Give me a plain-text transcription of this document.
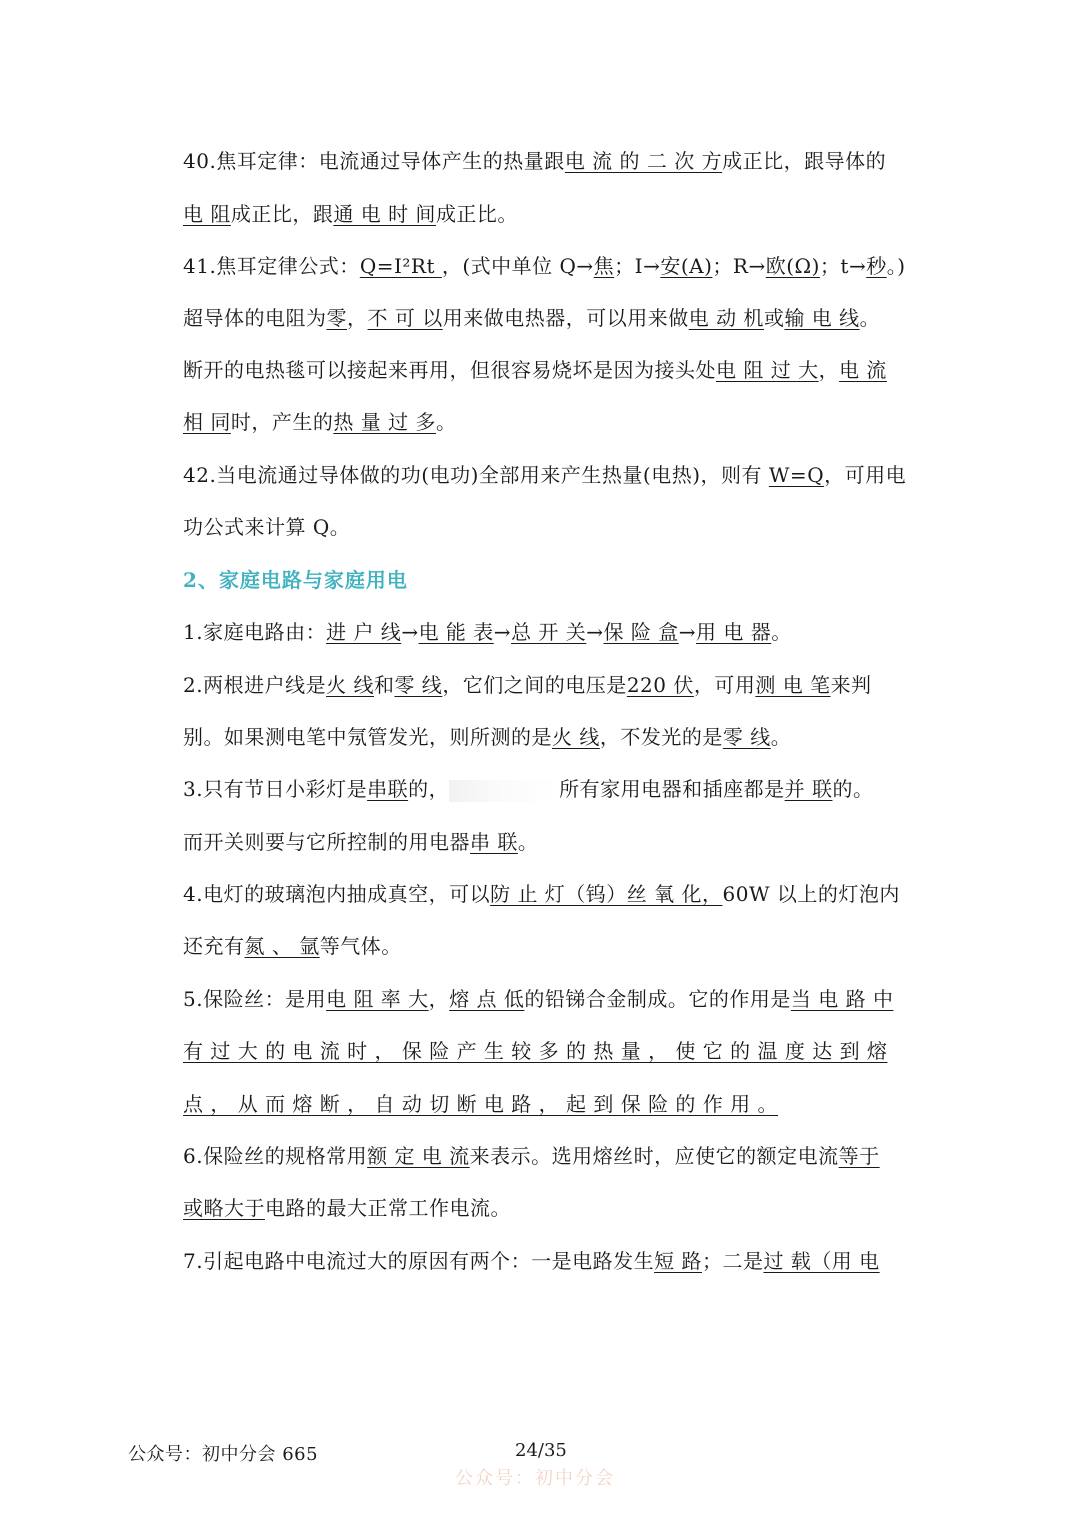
40.焦耳定律：电流通过导体产生的热量跟电 流 的 二 次 方成正比，跟导体的
电 阻成正比，跟通 电 时 间成正比。
41.焦耳定律公式：Q=I²Rt ，(式中单位 Q→焦；I→安(A)；R→欧(Ω)；t→秒。)
超导体的电阻为零，不 可 以用来做电热器，可以用来做电 动 机或输 电 线。
断开的电热毯可以接起来再用，但很容易烧坏是因为接头处电 阻 过 大，电 流
相 同时，产生的热 量 过 多。
42.当电流通过导体做的功(电功)全部用来产生热量(电热)，则有 W=Q，可用电
功公式来计算 Q。
2、家庭电路与家庭用电
1.家庭电路由：进 户 线→电 能 表→总 开 关→保 险 盒→用 电 器。
2.两根进户线是火 线和零 线，它们之间的电压是220 伏，可用测 电 笔来判
别。如果测电笔中氖管发光，则所测的是火 线，不发光的是零 线。
3.只有节日小彩灯是串联的，	所有家用电器和插座都是并 联的。
而开关则要与它所控制的用电器串 联。
4.电灯的玻璃泡内抽成真空，可以防 止 灯（钨）丝 氧 化，60W 以上的灯泡内
还充有氮 、 氩等气体。
5.保险丝：是用电 阻 率 大，熔 点 低的铅锑合金制成。它的作用是当 电 路 中
有 过 大 的 电 流 时 ， 保 险 产 生 较 多 的 热 量 ， 使 它 的 温 度 达 到 熔
点 ， 从 而 熔 断 ， 自 动 切 断 电 路 ， 起 到 保 险 的 作 用 。
6.保险丝的规格常用额 定 电 流来表示。选用熔丝时，应使它的额定电流等于
或略大于电路的最大正常工作电流。
7.引起电路中电流过大的原因有两个：一是电路发生短 路；二是过 载（用 电
公众号：初中分会 665	24/35
公众号：初中分会
